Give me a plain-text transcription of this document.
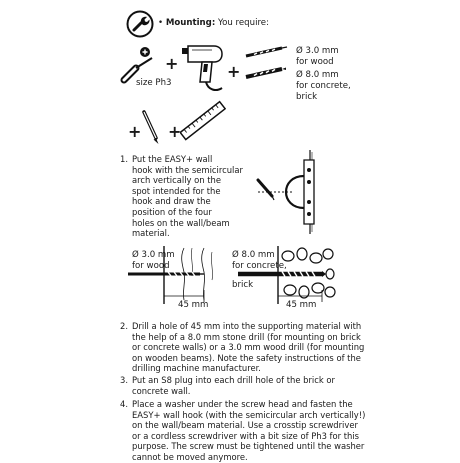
• Mounting: You require:
size Ph3
+	+
Ø 3.0 mm
for wood
Ø 8.0 mm
for concrete,
brick
+ +
1. Put the EASY+ wall
hook with the semicircular
arch vertically on the
spot intended for the
hook and draw the
position of the four
holes on the wall/beam
material.
Ø 3.0 mm
for wood
45 mm
Ø 8.0 mm
for concrete,
brick
45 mm
2. Drill a hole of 45 mm into the supporting material with
the help of a 8.0 mm stone drill (for mounting on brick
or concrete walls) or a 3.0 mm wood drill (for mounting
on wooden beams). Note the safety instructions of the
drilling machine manufacturer.
3. Put an S8 plug into each drill hole of the brick or
concrete wall.
4. Place a washer under the screw head and fasten the
EASY+ wall hook (with the semicircular arch vertically!)
on the wall/beam material. Use a crosstip screwdriver
or a cordless screwdriver with a bit size of Ph3 for this
purpose. The screw must be tightened until the washer
cannot be moved anymore.
